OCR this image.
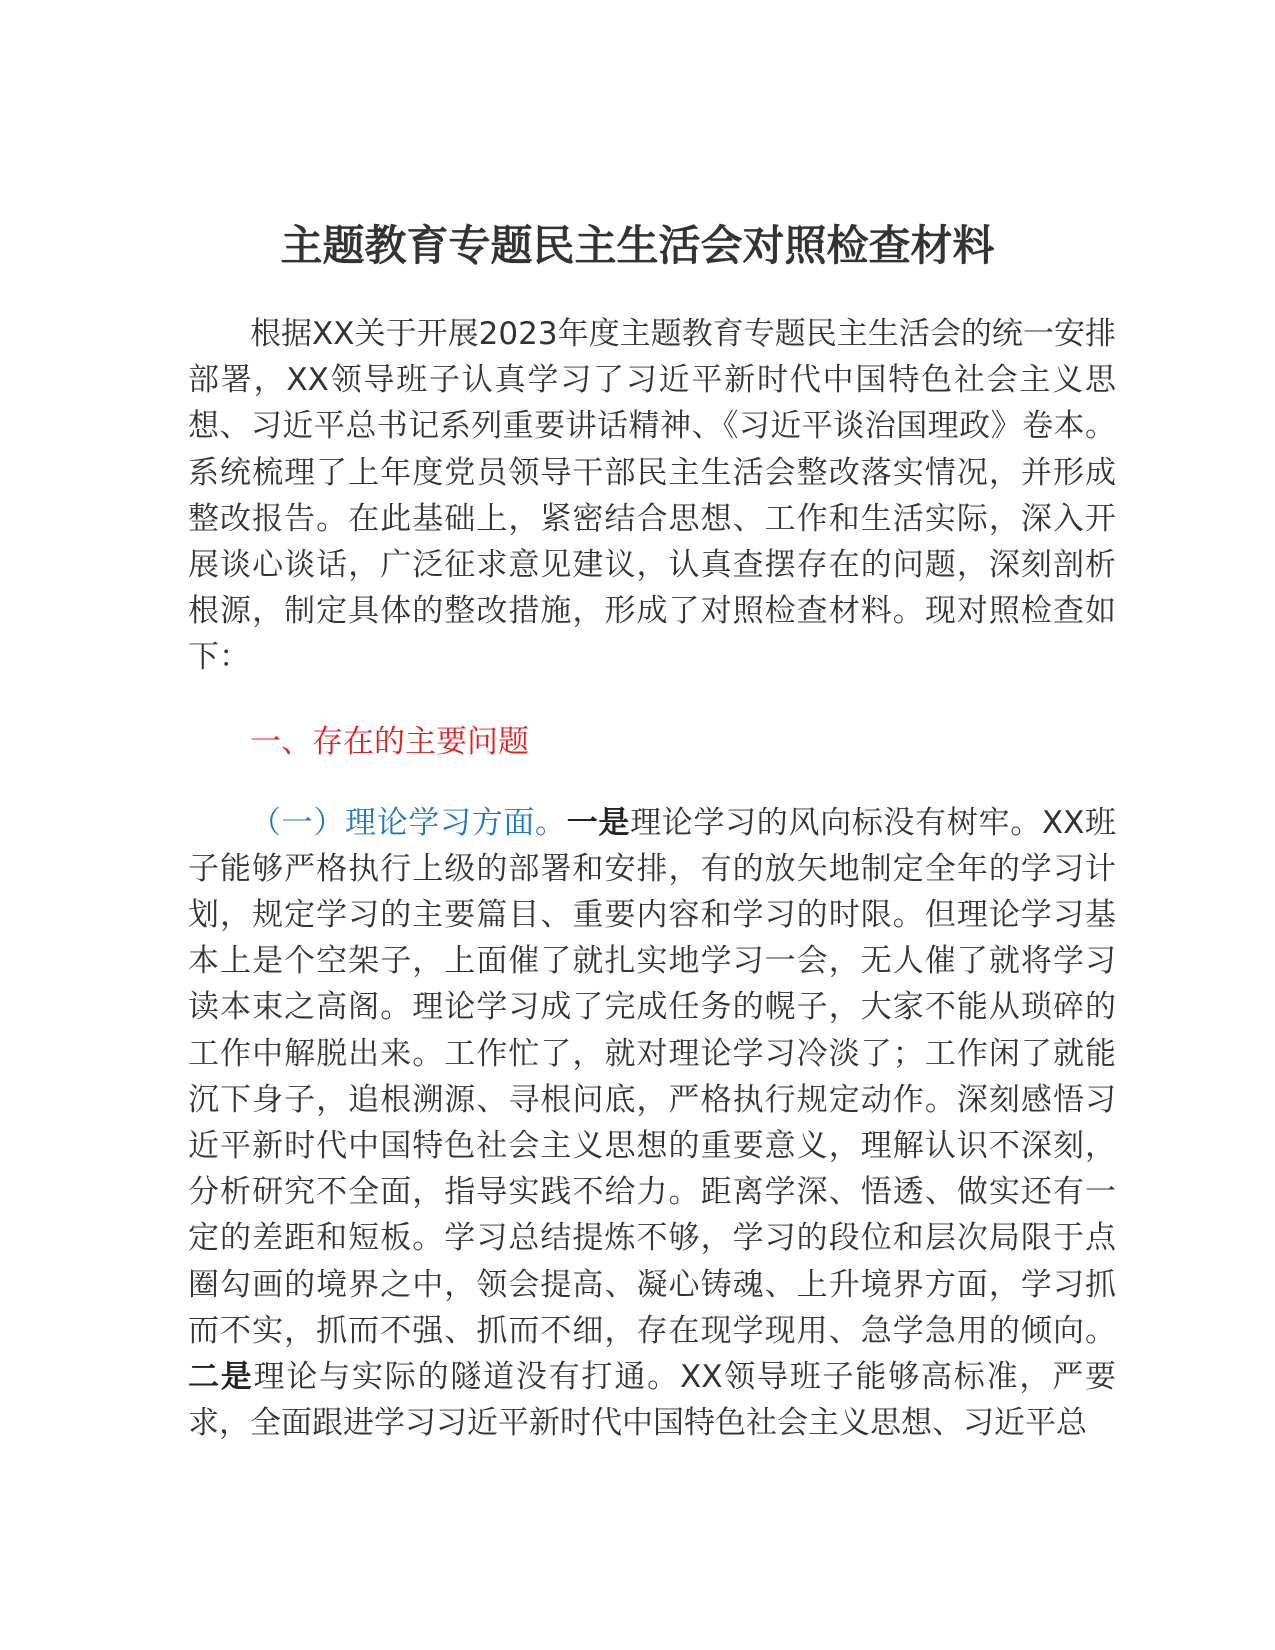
主题教育专题民主生活会对照检查材料

根据XX关于开展2023年度主题教育专题民主生活会的统一安排部署，XX领导班子认真学习了习近平新时代中国特色社会主义思想、习近平总书记系列重要讲话精神、《习近平谈治国理政》卷本。系统梳理了上年度党员领导干部民主生活会整改落实情况，并形成整改报告。在此基础上，紧密结合思想、工作和生活实际，深入开展谈心谈话，广泛征求意见建议，认真查摆存在的问题，深刻剖析根源，制定具体的整改措施，形成了对照检查材料。现对照检查如下：

一、存在的主要问题

（一）理论学习方面。一是理论学习的风向标没有树牢。XX班子能够严格执行上级的部署和安排，有的放矢地制定全年的学习计划，规定学习的主要篇目、重要内容和学习的时限。但理论学习基本上是个空架子，上面催了就扎实地学习一会，无人催了就将学习读本束之高阁。理论学习成了完成任务的幌子，大家不能从琐碎的工作中解脱出来。工作忙了，就对理论学习冷淡了；工作闲了就能沉下身子，追根溯源、寻根问底，严格执行规定动作。深刻感悟习近平新时代中国特色社会主义思想的重要意义，理解认识不深刻，分析研究不全面，指导实践不给力。距离学深、悟透、做实还有一定的差距和短板。学习总结提炼不够，学习的段位和层次局限于点圈勾画的境界之中，领会提高、凝心铸魂、上升境界方面，学习抓而不实，抓而不强、抓而不细，存在现学现用、急学急用的倾向。二是理论与实际的隧道没有打通。XX领导班子能够高标准，严要求，全面跟进学习习近平新时代中国特色社会主义思想、习近平总
